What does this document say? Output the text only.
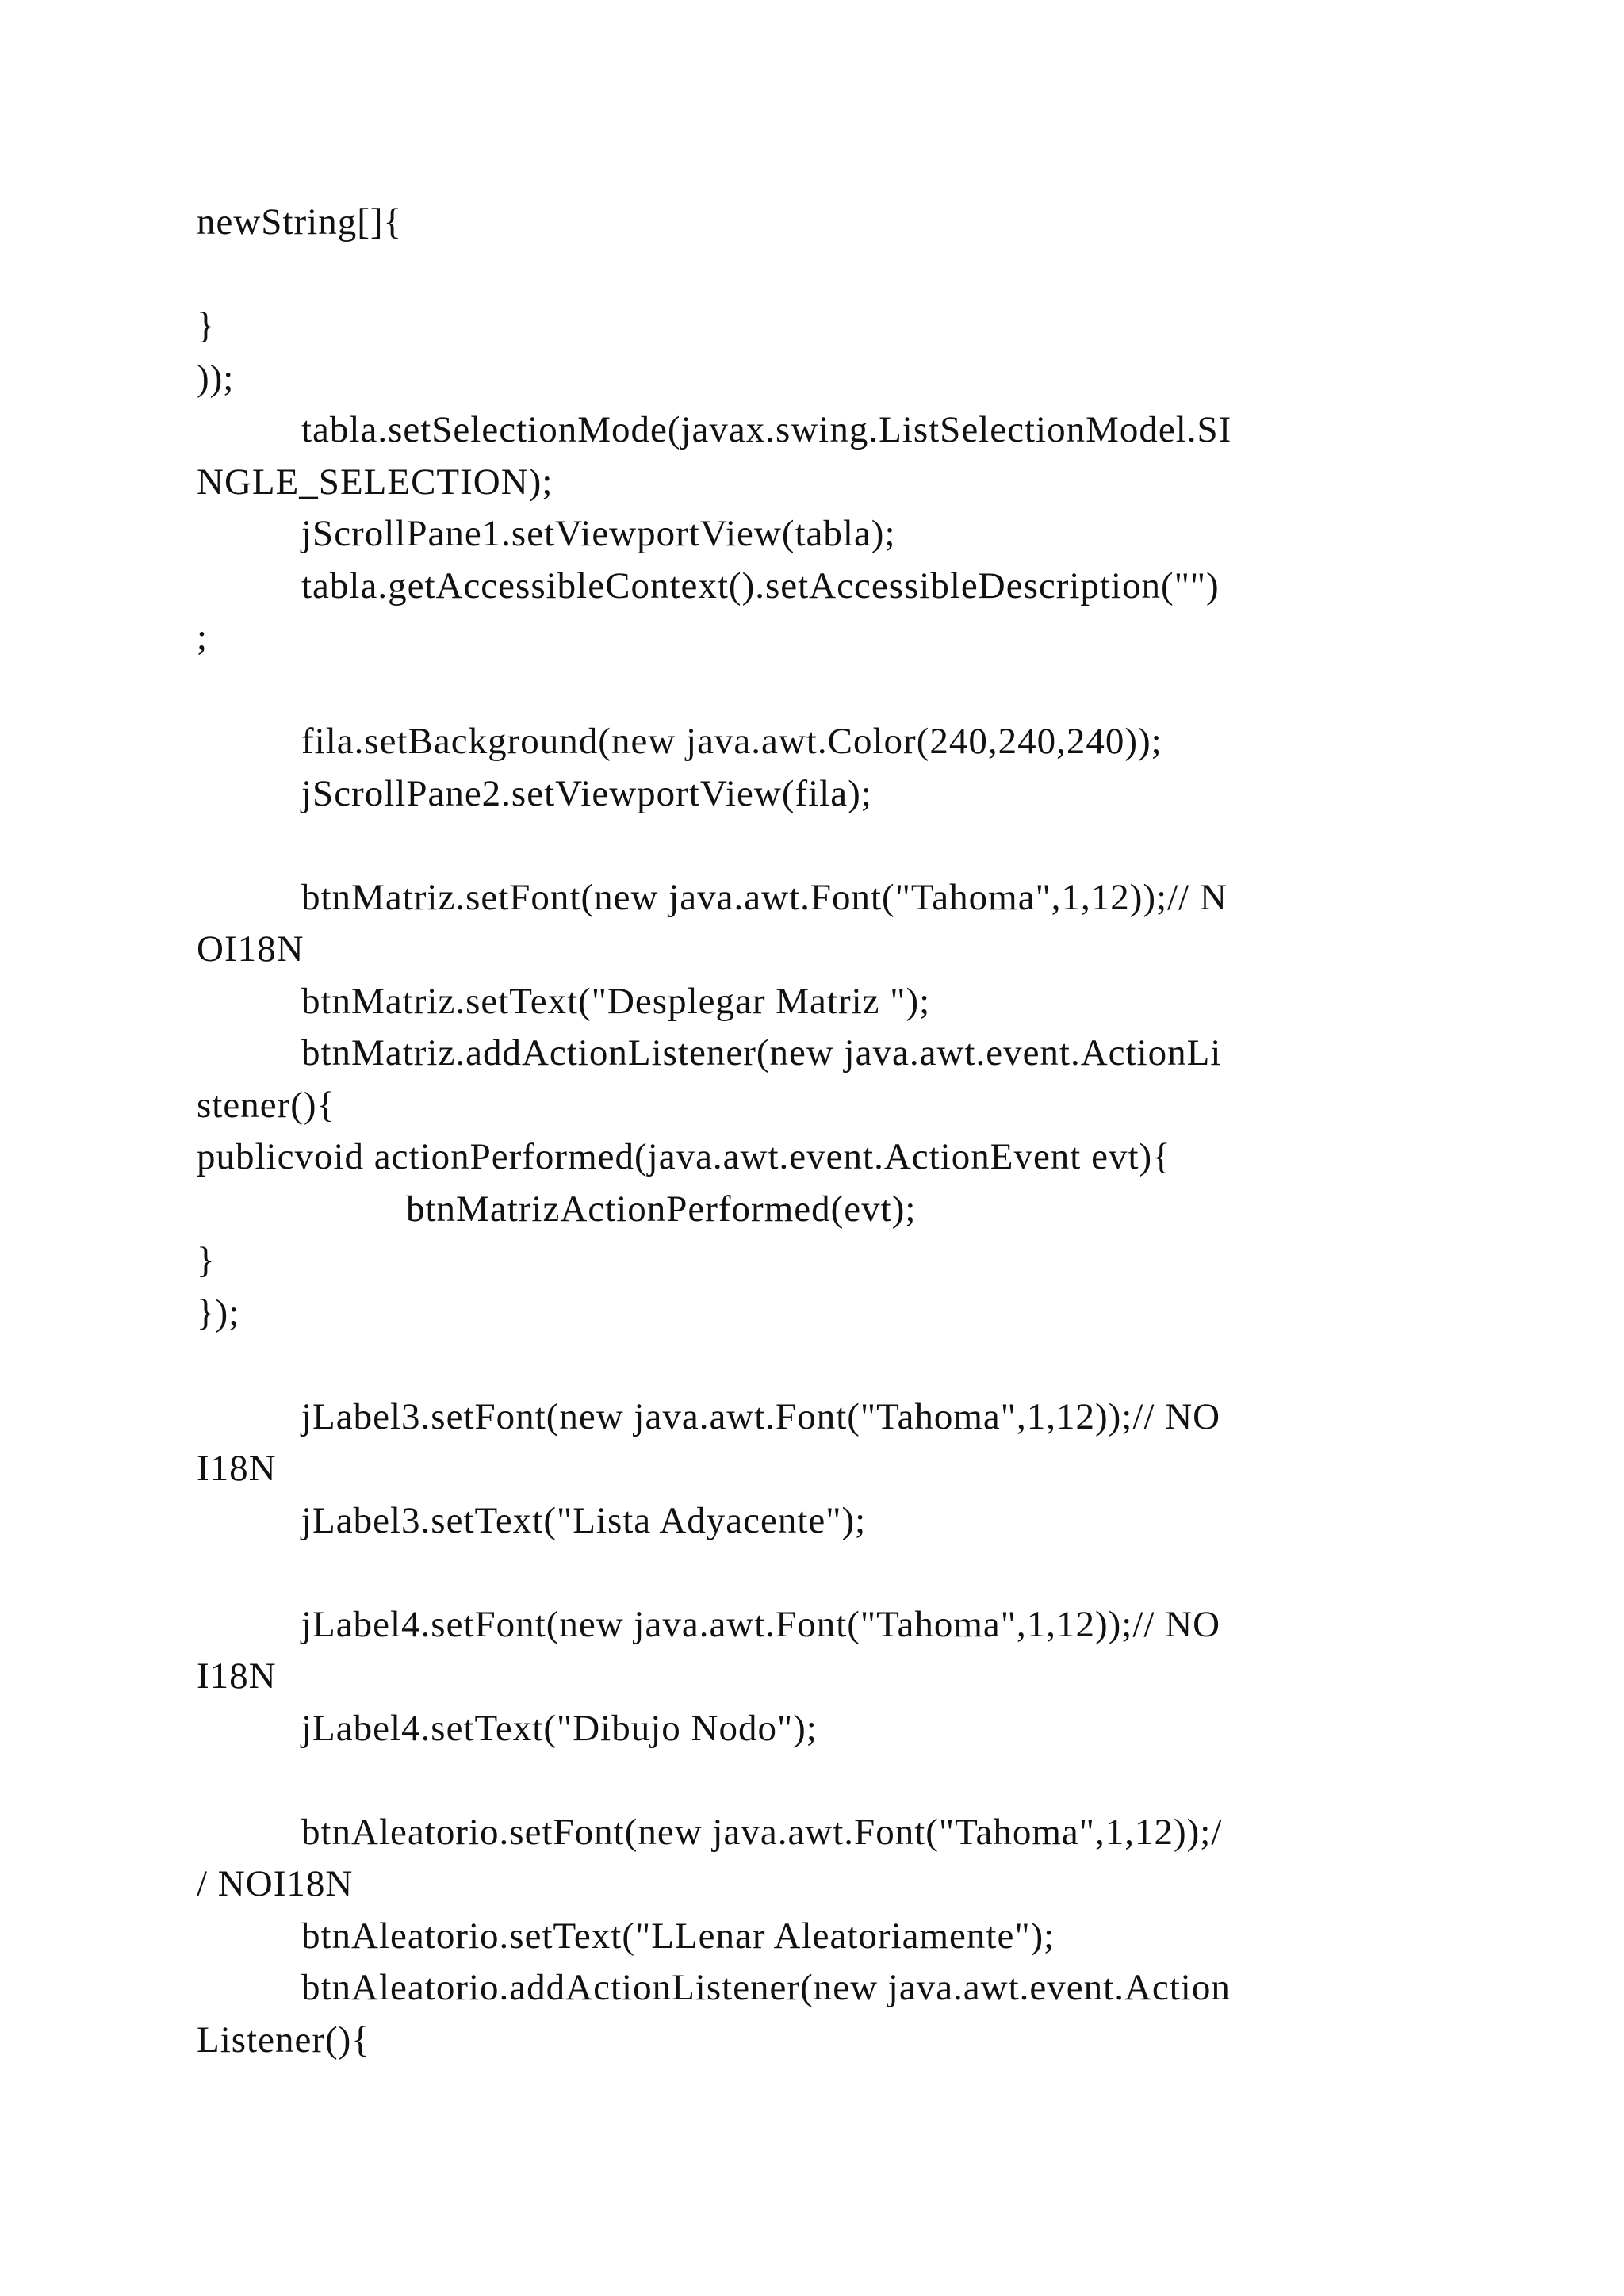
newString[]{
}
));
tabla.setSelectionMode(javax.swing.ListSelectionModel.SI
NGLE_SELECTION);
jScrollPane1.setViewportView(tabla);
tabla.getAccessibleContext().setAccessibleDescription("")
;
fila.setBackground(new java.awt.Color(240,240,240));
jScrollPane2.setViewportView(fila);
btnMatriz.setFont(new java.awt.Font("Tahoma",1,12));// N
OI18N
btnMatriz.setText("Desplegar Matriz ");
btnMatriz.addActionListener(new java.awt.event.ActionLi
stener(){
publicvoid actionPerformed(java.awt.event.ActionEvent evt){
btnMatrizActionPerformed(evt);
}
});
jLabel3.setFont(new java.awt.Font("Tahoma",1,12));// NO
I18N
jLabel3.setText("Lista Adyacente");
jLabel4.setFont(new java.awt.Font("Tahoma",1,12));// NO
I18N
jLabel4.setText("Dibujo Nodo");
btnAleatorio.setFont(new java.awt.Font("Tahoma",1,12));/
/ NOI18N
btnAleatorio.setText("LLenar Aleatoriamente");
btnAleatorio.addActionListener(new java.awt.event.Action
Listener(){
